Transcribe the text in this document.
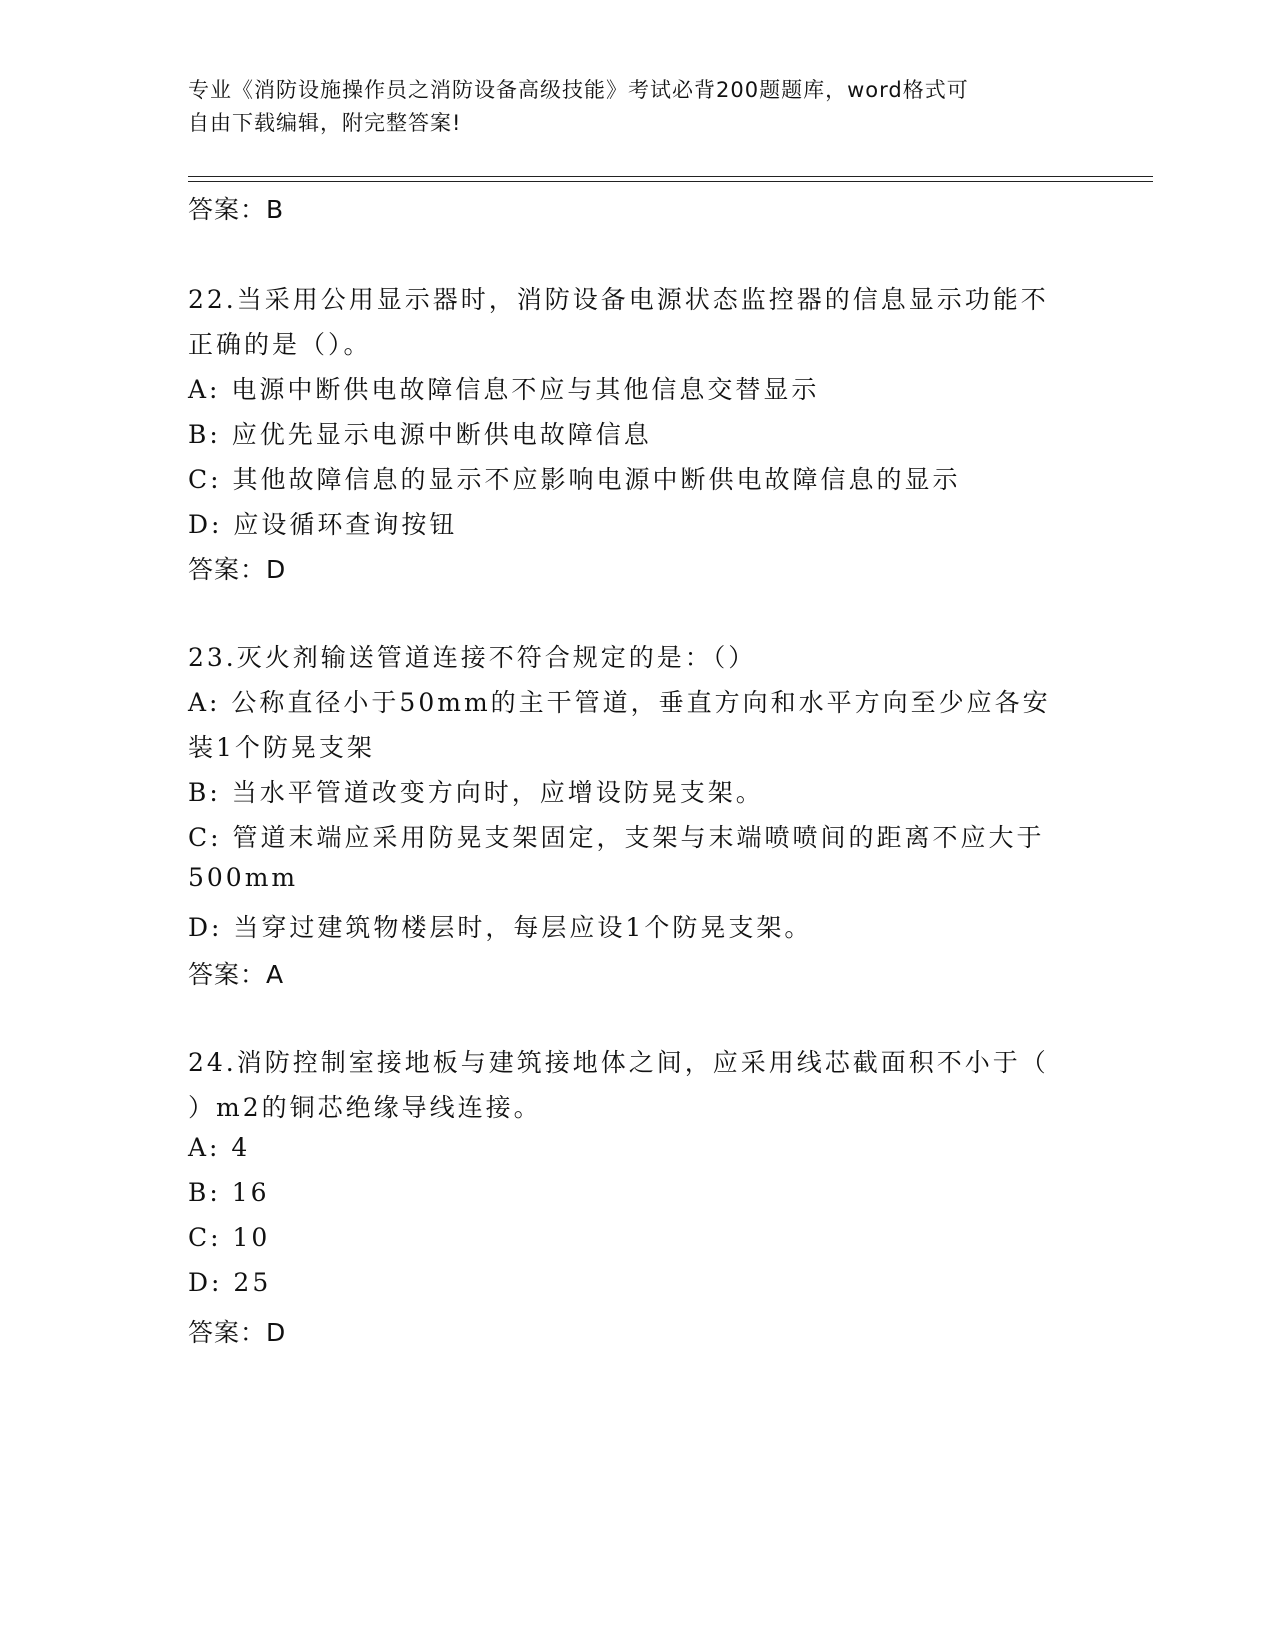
专业《消防设施操作员之消防设备高级技能》考试必背200题题库，word格式可
自由下载编辑，附完整答案!
答案：B
22.当采用公用显示器时，消防设备电源状态监控器的信息显示功能不
正确的是（）。
A: 电源中断供电故障信息不应与其他信息交替显示
B: 应优先显示电源中断供电故障信息
C: 其他故障信息的显示不应影响电源中断供电故障信息的显示
D: 应设循环查询按钮
答案：D
23.灭火剂输送管道连接不符合规定的是：（）
A: 公称直径小于50mm的主干管道，垂直方向和水平方向至少应各安
装1个防晃支架
B: 当水平管道改变方向时，应增设防晃支架。
C: 管道末端应采用防晃支架固定，支架与末端喷喷间的距离不应大于
500mm
D: 当穿过建筑物楼层时，每层应设1个防晃支架。
答案：A
24.消防控制室接地板与建筑接地体之间，应采用线芯截面积不小于（
）m2的铜芯绝缘导线连接。
A: 4
B: 16
C: 10
D: 25
答案：D
